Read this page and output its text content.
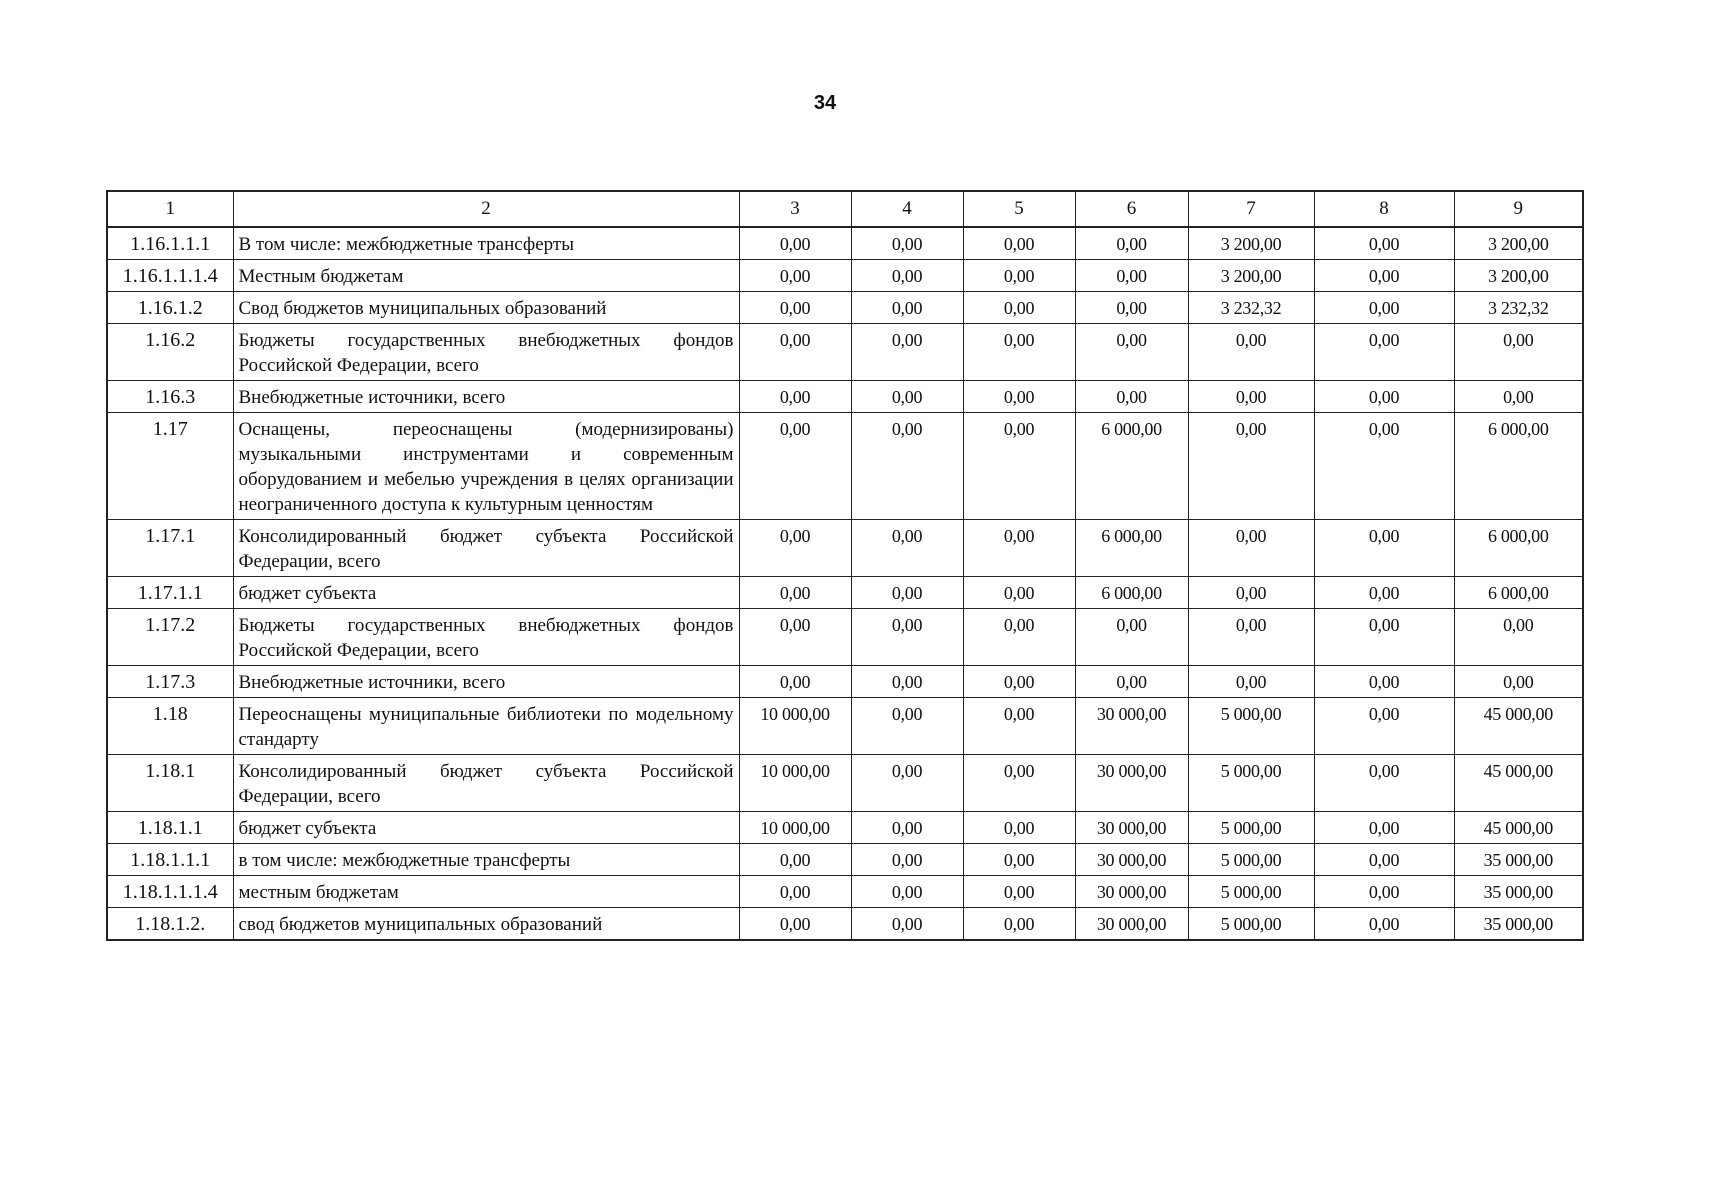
34
1	2	3	4	5	6	7	8	9
1.16.1.1.1	В том числе: межбюджетные трансферты	0,00	0,00	0,00	0,00	3 200,00	0,00	3 200,00
1.16.1.1.1.4	Местным бюджетам	0,00	0,00	0,00	0,00	3 200,00	0,00	3 200,00
1.16.1.2	Свод бюджетов муниципальных образований	0,00	0,00	0,00	0,00	3 232,32	0,00	3 232,32
1.16.2	Бюджеты государственных внебюджетных фондов Российской Федерации, всего	0,00	0,00	0,00	0,00	0,00	0,00	0,00
1.16.3	Внебюджетные источники, всего	0,00	0,00	0,00	0,00	0,00	0,00	0,00
1.17	Оснащены, переоснащены (модернизированы) музыкальными инструментами и современным оборудованием и мебелью учреждения в целях организации неограниченного доступа к культурным ценностям	0,00	0,00	0,00	6 000,00	0,00	0,00	6 000,00
1.17.1	Консолидированный бюджет субъекта Российской Федерации, всего	0,00	0,00	0,00	6 000,00	0,00	0,00	6 000,00
1.17.1.1	бюджет субъекта	0,00	0,00	0,00	6 000,00	0,00	0,00	6 000,00
1.17.2	Бюджеты государственных внебюджетных фондов Российской Федерации, всего	0,00	0,00	0,00	0,00	0,00	0,00	0,00
1.17.3	Внебюджетные источники, всего	0,00	0,00	0,00	0,00	0,00	0,00	0,00
1.18	Переоснащены муниципальные библиотеки по модельному стандарту	10 000,00	0,00	0,00	30 000,00	5 000,00	0,00	45 000,00
1.18.1	Консолидированный бюджет субъекта Российской Федерации, всего	10 000,00	0,00	0,00	30 000,00	5 000,00	0,00	45 000,00
1.18.1.1	бюджет субъекта	10 000,00	0,00	0,00	30 000,00	5 000,00	0,00	45 000,00
1.18.1.1.1	в том числе: межбюджетные трансферты	0,00	0,00	0,00	30 000,00	5 000,00	0,00	35 000,00
1.18.1.1.1.4	местным бюджетам	0,00	0,00	0,00	30 000,00	5 000,00	0,00	35 000,00
1.18.1.2.	свод бюджетов муниципальных образований	0,00	0,00	0,00	30 000,00	5 000,00	0,00	35 000,00
